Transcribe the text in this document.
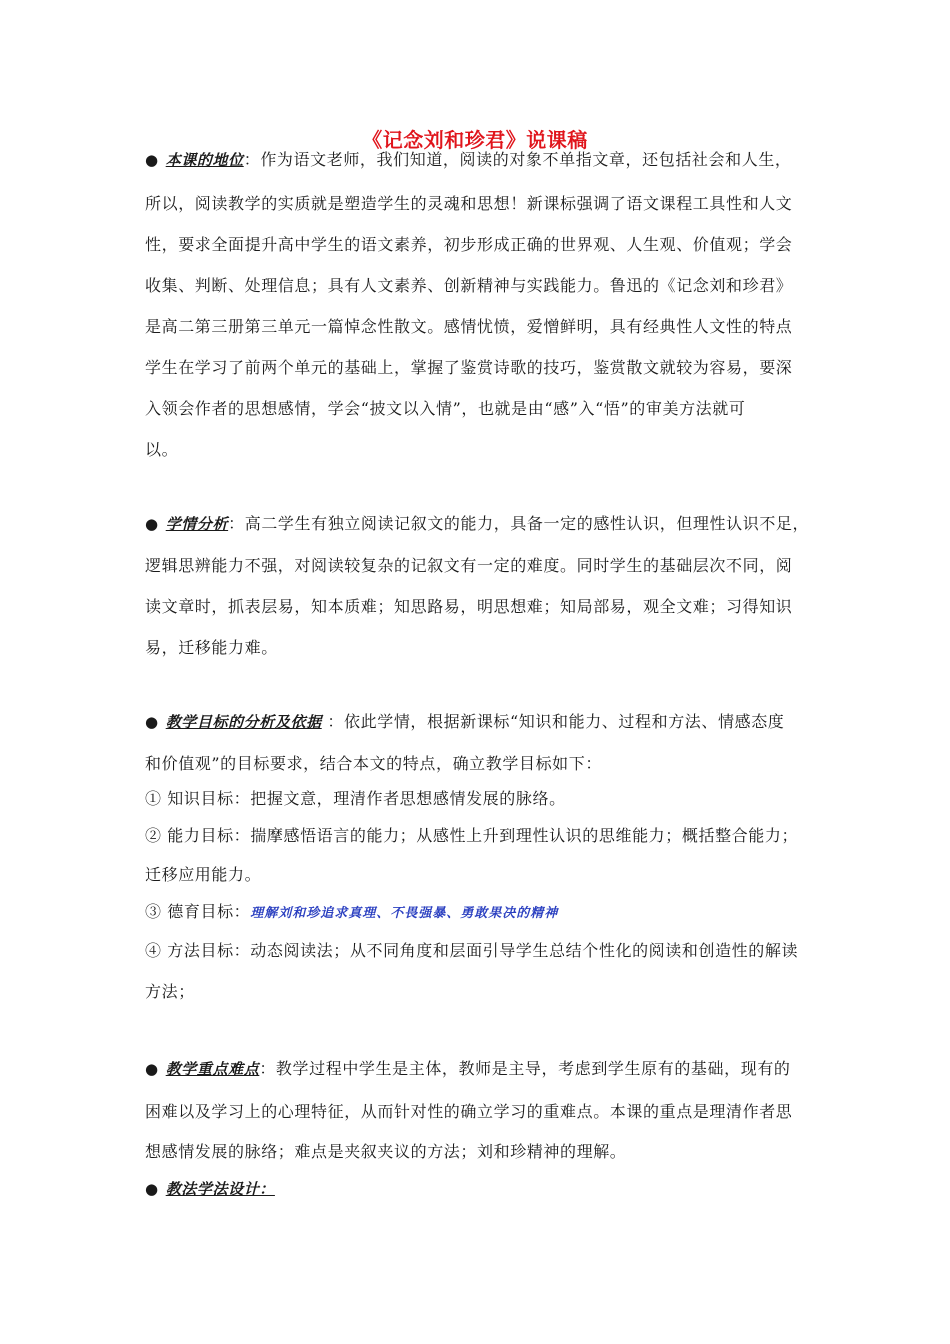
《记念刘和珍君》说课稿
● 本课的地位：作为语文老师，我们知道，阅读的对象不单指文章，还包括社会和人生，
所以，阅读教学的实质就是塑造学生的灵魂和思想！新课标强调了语文课程工具性和人文
性，要求全面提升高中学生的语文素养，初步形成正确的世界观、人生观、价值观；学会
收集、判断、处理信息；具有人文素养、创新精神与实践能力。鲁迅的《记念刘和珍君》
是高二第三册第三单元一篇悼念性散文。感情忧愤，爱憎鲜明，具有经典性人文性的特点
学生在学习了前两个单元的基础上，掌握了鉴赏诗歌的技巧，鉴赏散文就较为容易，要深
入领会作者的思想感情，学会“披文以入情”，也就是由“感”入“悟”的审美方法就可
以。
● 学情分析：高二学生有独立阅读记叙文的能力，具备一定的感性认识，但理性认识不足，
逻辑思辨能力不强，对阅读较复杂的记叙文有一定的难度。同时学生的基础层次不同，阅
读文章时，抓表层易，知本质难；知思路易，明思想难；知局部易，观全文难；习得知识
易，迁移能力难。
● 教学目标的分析及依据 ：依此学情，根据新课标“知识和能力、过程和方法、情感态度
和价值观”的目标要求，结合本文的特点，确立教学目标如下：
① 知识目标：把握文意，理清作者思想感情发展的脉络。
② 能力目标：揣摩感悟语言的能力；从感性上升到理性认识的思维能力；概括整合能力；
迁移应用能力。
③ 德育目标：理解刘和珍追求真理、不畏强暴、勇敢果决的精神
④ 方法目标：动态阅读法；从不同角度和层面引导学生总结个性化的阅读和创造性的解读
方法；
● 教学重点难点：教学过程中学生是主体，教师是主导，考虑到学生原有的基础，现有的
困难以及学习上的心理特征，从而针对性的确立学习的重难点。本课的重点是理清作者思
想感情发展的脉络；难点是夹叙夹议的方法；刘和珍精神的理解。
● 教法学法设计：
